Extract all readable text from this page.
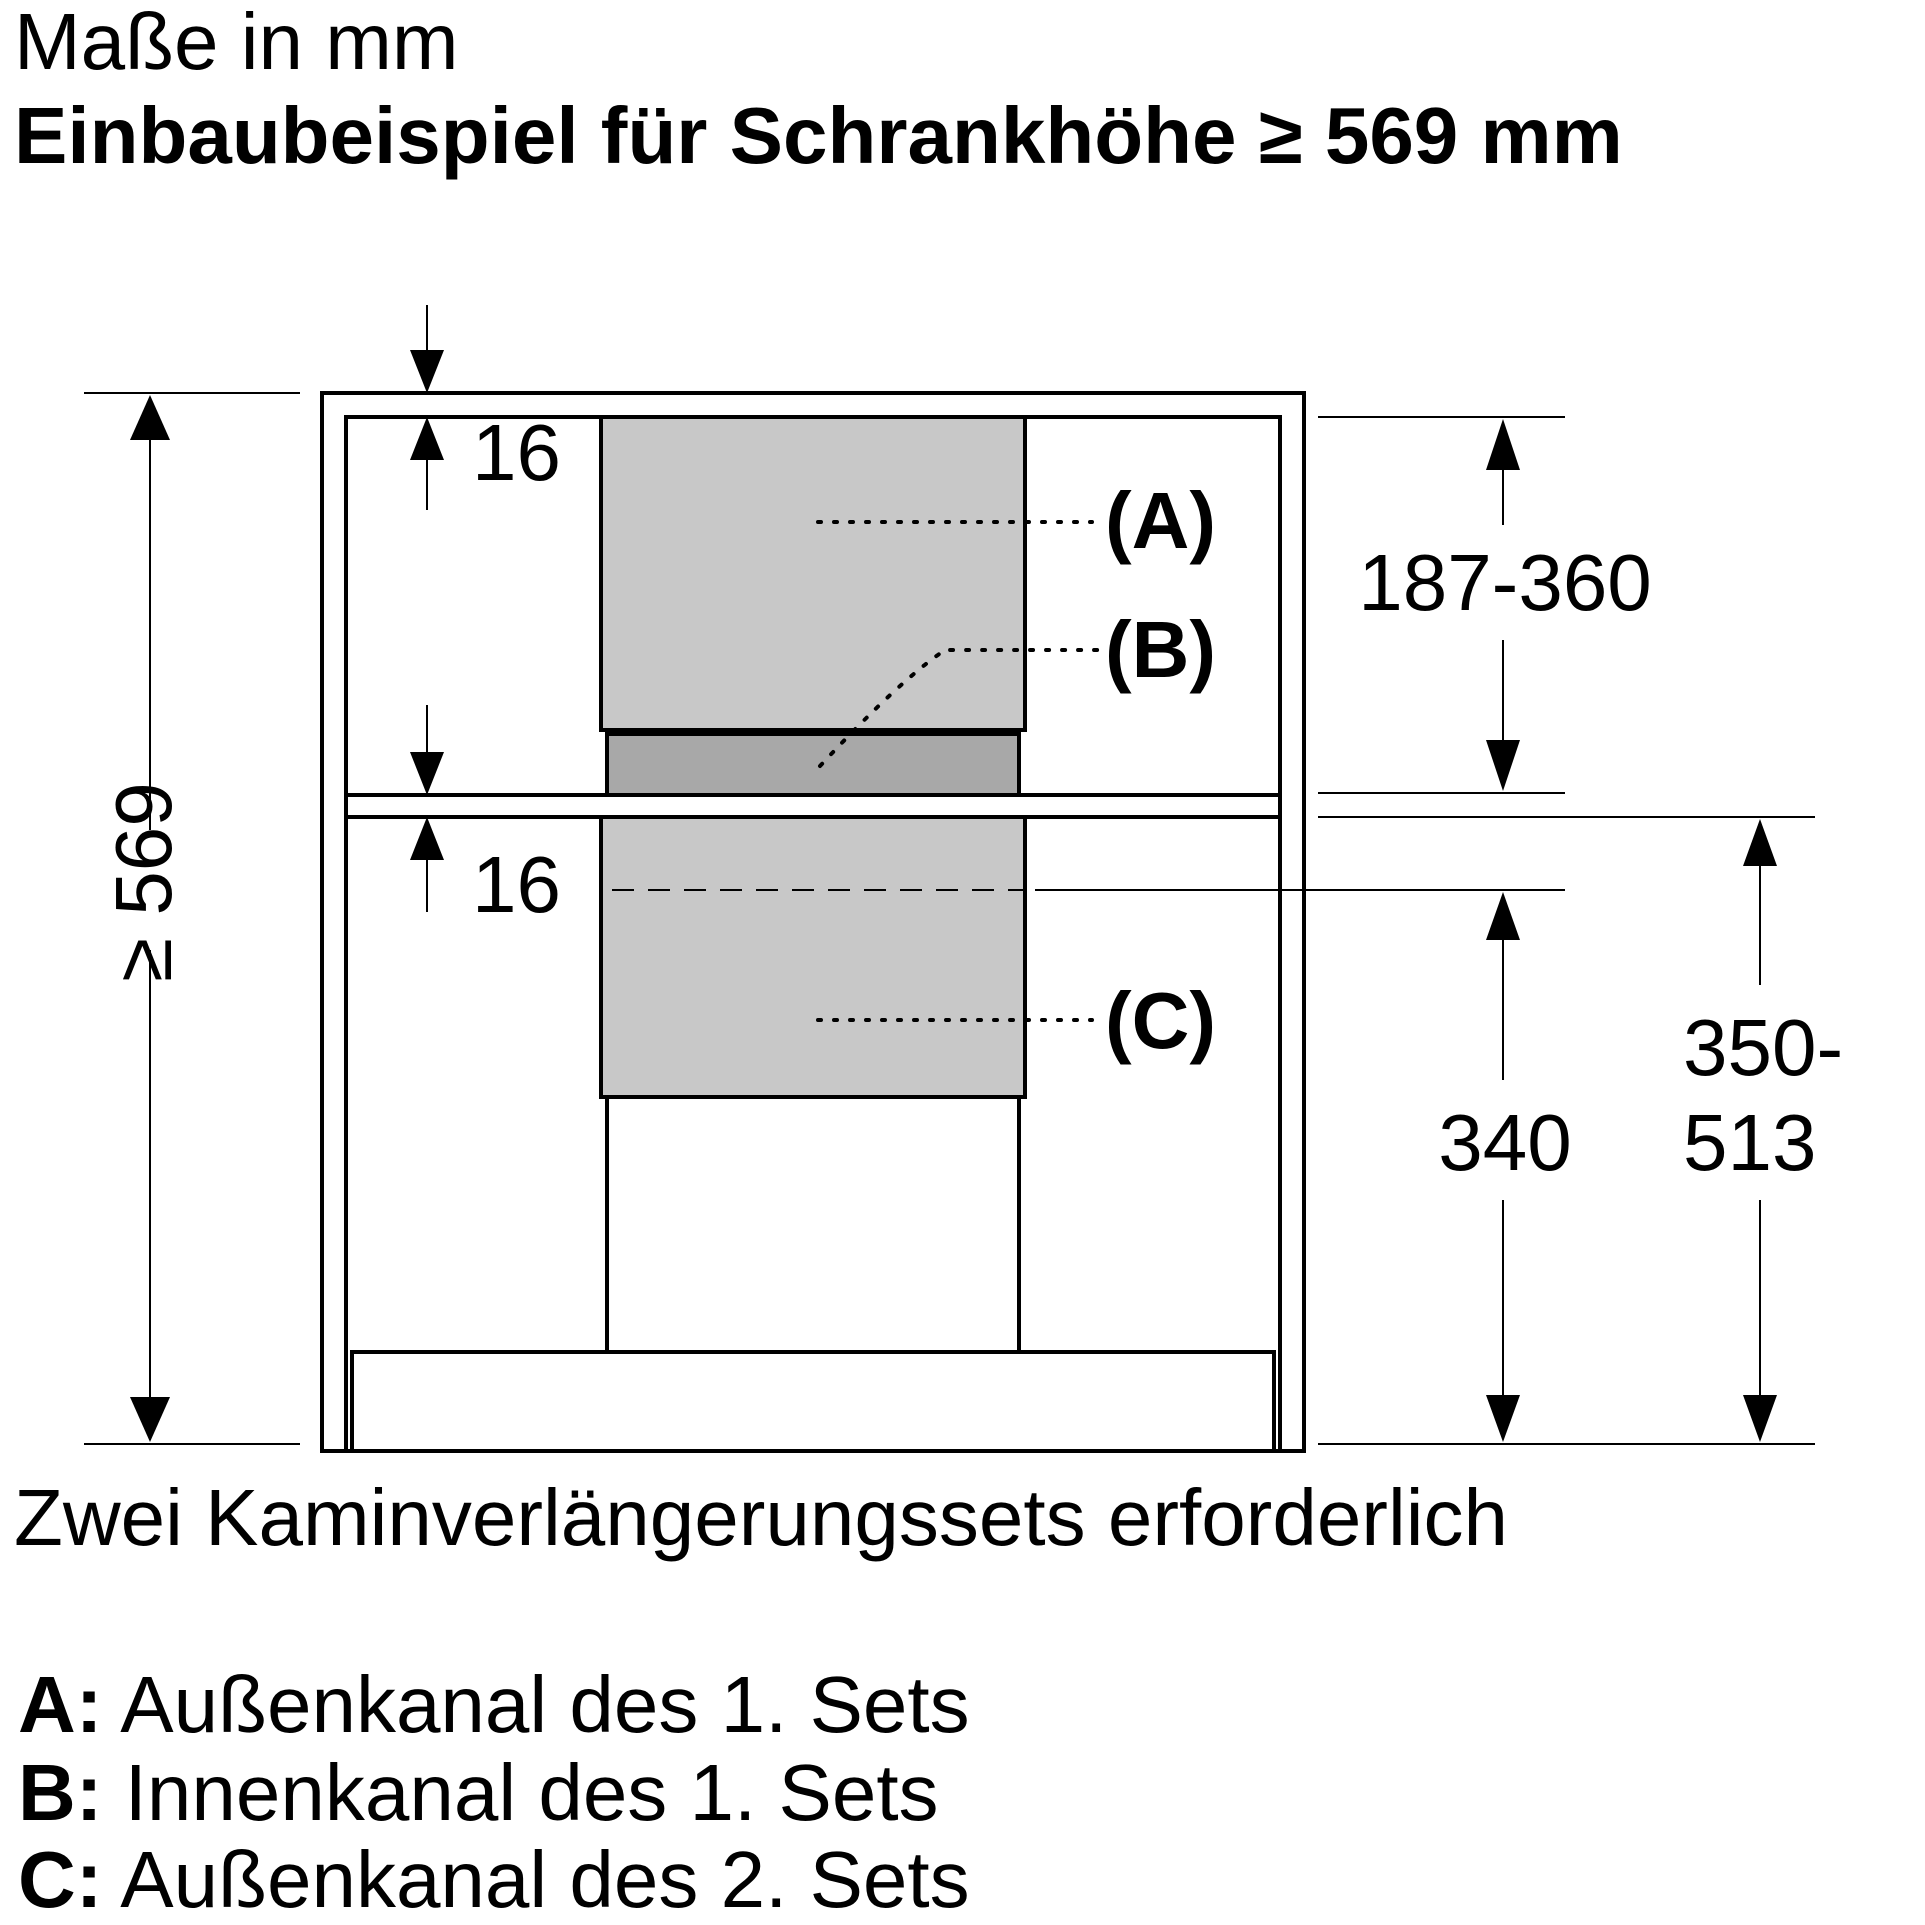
Maße in mm
Einbaubeispiel für Schrankhöhe ≥ 569 mm
≥ 569
16
16
(A)
(B)
(C)
187-360
340
350-
513
Zwei Kaminverlängerungssets erforderlich
A: Außenkanal des 1. Sets
B: Innenkanal des 1. Sets
C: Außenkanal des 2. Sets
